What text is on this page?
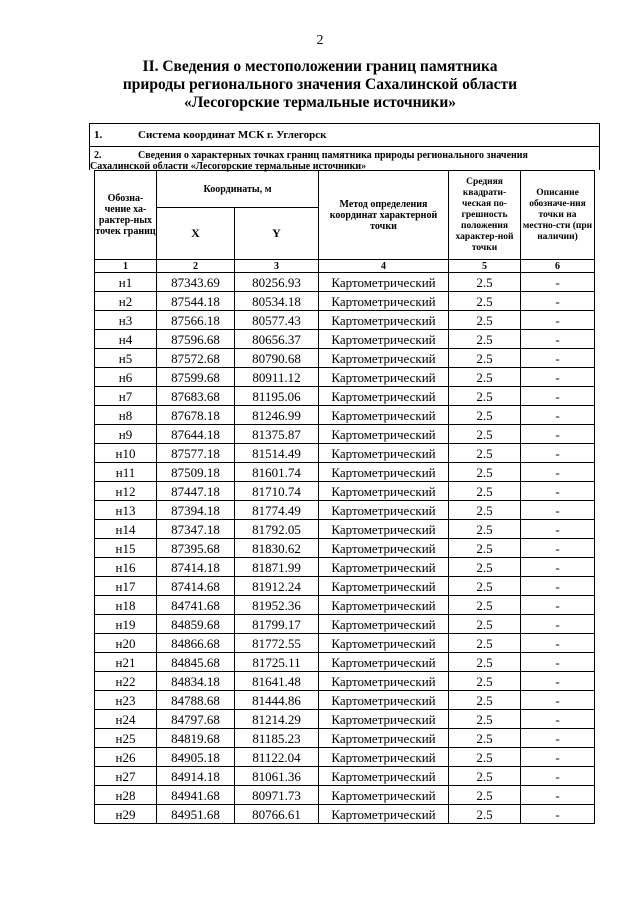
2
II. Сведения о местоположении границ памятника
природы регионального значения Сахалинской области
«Лесогорские термальные источники»
1.	Система координат МСК г. Углегорск
2.	Сведения о характерных точках границ памятника природы регионального значения
Сахалинской области «Лесогорские термальные источники»
Обозна-чение ха-рактер-ных точек границ	Координаты, м		Метод определения координат характерной точки	Средняя квадрати-ческая по-грешность положения характер-ной точки	Описание обозначе-ния точки на местно-сти (при наличии)
	X	Y			
1	2	3	4	5	6
н1	87343.69	80256.93	Картометрический	2.5	-
н2	87544.18	80534.18	Картометрический	2.5	-
н3	87566.18	80577.43	Картометрический	2.5	-
н4	87596.68	80656.37	Картометрический	2.5	-
н5	87572.68	80790.68	Картометрический	2.5	-
н6	87599.68	80911.12	Картометрический	2.5	-
н7	87683.68	81195.06	Картометрический	2.5	-
н8	87678.18	81246.99	Картометрический	2.5	-
н9	87644.18	81375.87	Картометрический	2.5	-
н10	87577.18	81514.49	Картометрический	2.5	-
н11	87509.18	81601.74	Картометрический	2.5	-
н12	87447.18	81710.74	Картометрический	2.5	-
н13	87394.18	81774.49	Картометрический	2.5	-
н14	87347.18	81792.05	Картометрический	2.5	-
н15	87395.68	81830.62	Картометрический	2.5	-
н16	87414.18	81871.99	Картометрический	2.5	-
н17	87414.68	81912.24	Картометрический	2.5	-
н18	84741.68	81952.36	Картометрический	2.5	-
н19	84859.68	81799.17	Картометрический	2.5	-
н20	84866.68	81772.55	Картометрический	2.5	-
н21	84845.68	81725.11	Картометрический	2.5	-
н22	84834.18	81641.48	Картометрический	2.5	-
н23	84788.68	81444.86	Картометрический	2.5	-
н24	84797.68	81214.29	Картометрический	2.5	-
н25	84819.68	81185.23	Картометрический	2.5	-
н26	84905.18	81122.04	Картометрический	2.5	-
н27	84914.18	81061.36	Картометрический	2.5	-
н28	84941.68	80971.73	Картометрический	2.5	-
н29	84951.68	80766.61	Картометрический	2.5	-
